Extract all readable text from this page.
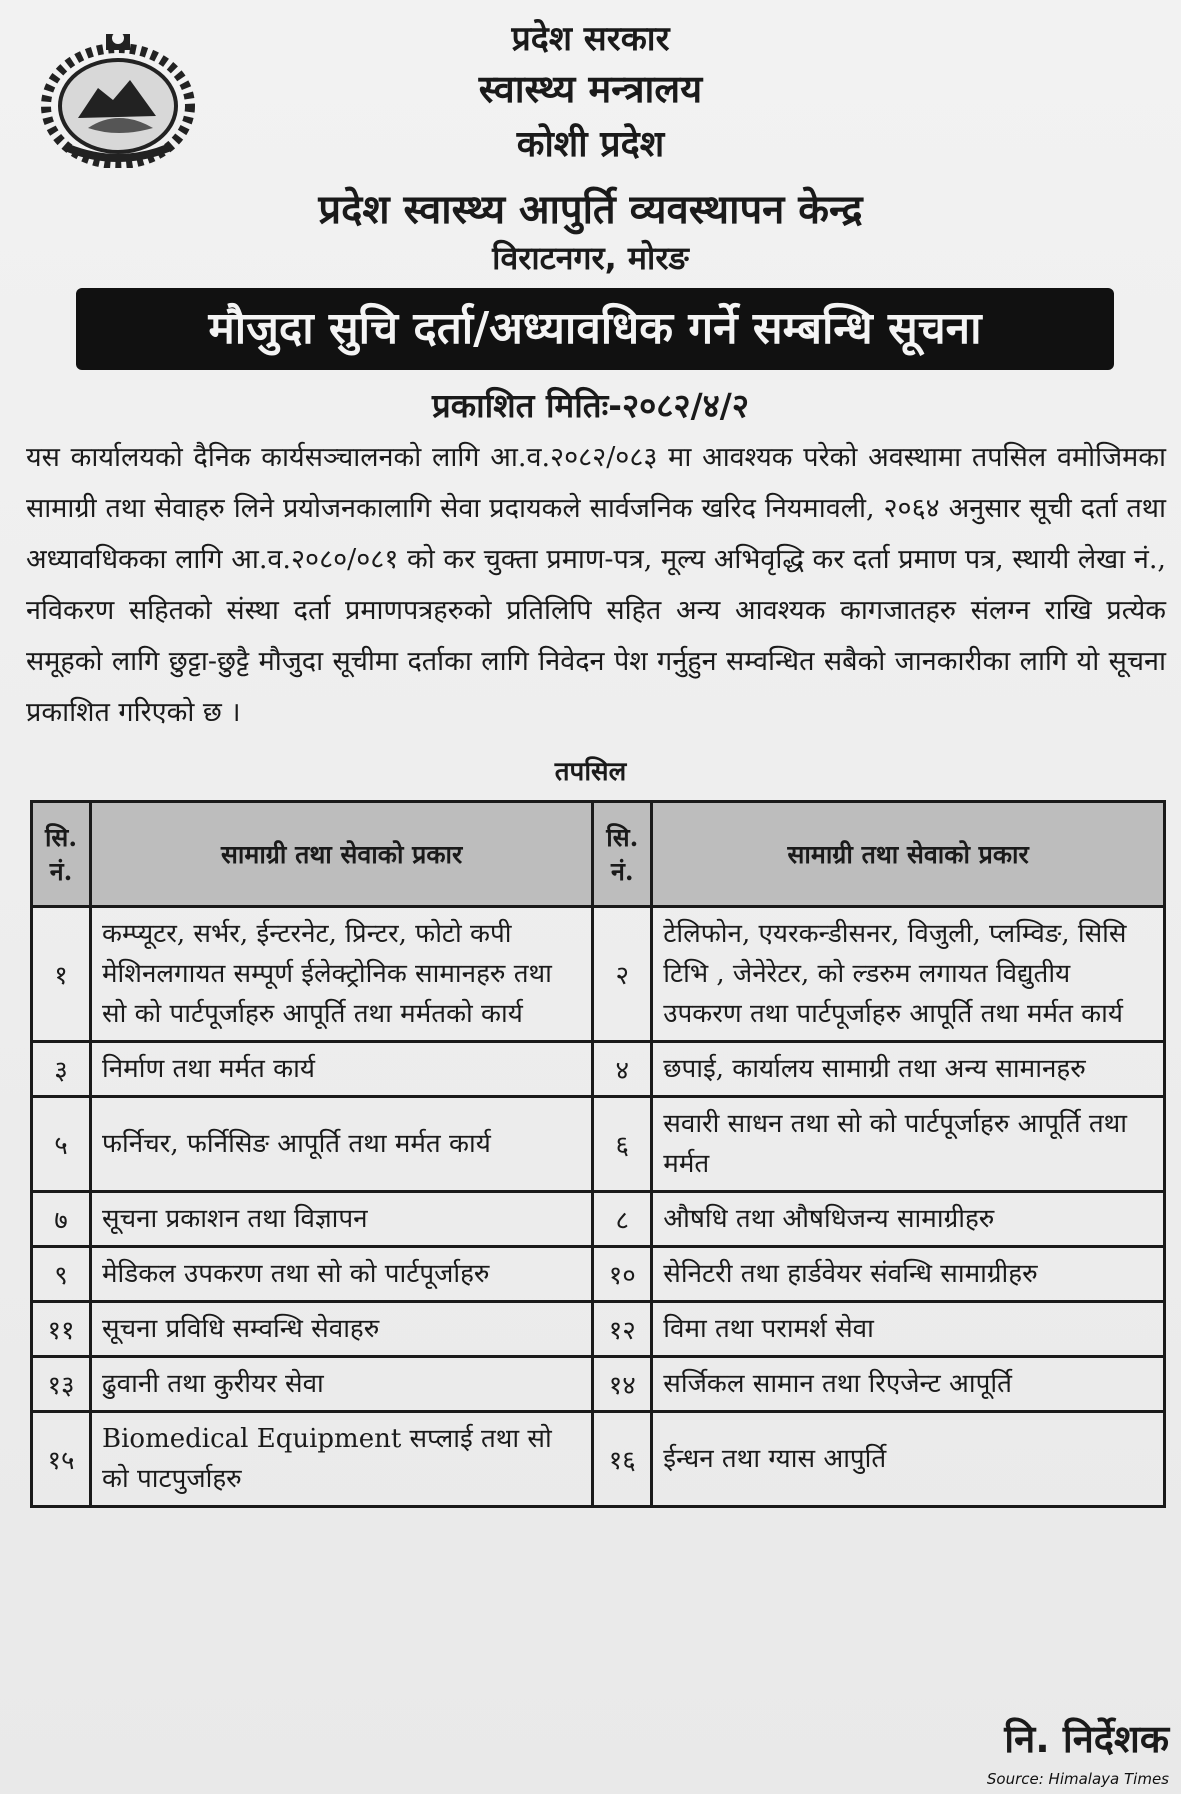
प्रदेश सरकार
स्वास्थ्य मन्त्रालय
कोशी प्रदेश
प्रदेश स्वास्थ्य आपुर्ति व्यवस्थापन केन्द्र
विराटनगर, मोरङ
मौजुदा सुचि दर्ता/अध्यावधिक गर्ने सम्बन्धि सूचना
प्रकाशित मितिः-२०८२/४/२
यस कार्यालयको दैनिक कार्यसञ्चालनको लागि आ.व.२०८२/०८३ मा आवश्यक परेको अवस्थामा तपसिल वमोजिमका सामाग्री तथा सेवाहरु लिने प्रयोजनकालागि सेवा प्रदायकले सार्वजनिक खरिद नियमावली, २०६४ अनुसार सूची दर्ता तथा अध्यावधिकका लागि आ.व.२०८०/०८१ को कर चुक्ता प्रमाण-पत्र, मूल्य अभिवृद्धि कर दर्ता प्रमाण पत्र, स्थायी लेखा नं., नविकरण सहितको संस्था दर्ता प्रमाणपत्रहरुको प्रतिलिपि सहित अन्य आवश्यक कागजातहरु संलग्न राखि प्रत्येक समूहको लागि छुट्टा-छुट्टै मौजुदा सूचीमा दर्ताका लागि निवेदन पेश गर्नुहुन सम्वन्धित सबैको जानकारीका लागि यो सूचना प्रकाशित गरिएको छ ।
तपसिल
सि. नं.	सामाग्री तथा सेवाको प्रकार	सि. नं.	सामाग्री तथा सेवाको प्रकार
१	कम्प्यूटर, सर्भर, ईन्टरनेट, प्रिन्टर, फोटो कपी मेशिनलगायत सम्पूर्ण ईलेक्ट्रोनिक सामानहरु तथा सो को पार्टपूर्जाहरु आपूर्ति तथा मर्मतको कार्य	२	टेलिफोन, एयरकन्डीसनर, विजुली, प्लम्विङ, सिसि टिभि , जेनेरेटर, को ल्डरुम लगायत विद्युतीय उपकरण तथा पार्टपूर्जाहरु आपूर्ति तथा मर्मत कार्य
३	निर्माण तथा मर्मत कार्य	४	छपाई, कार्यालय सामाग्री तथा अन्य सामानहरु
५	फर्निचर, फर्निसिङ आपूर्ति तथा मर्मत कार्य	६	सवारी साधन तथा सो को पार्टपूर्जाहरु आपूर्ति तथा मर्मत
७	सूचना प्रकाशन तथा विज्ञापन	८	औषधि तथा औषधिजन्य सामाग्रीहरु
९	मेडिकल उपकरण तथा सो को पार्टपूर्जाहरु	१०	सेनिटरी तथा हार्डवेयर संवन्धि सामाग्रीहरु
११	सूचना प्रविधि सम्वन्धि सेवाहरु	१२	विमा तथा परामर्श सेवा
१३	ढुवानी तथा कुरीयर सेवा	१४	सर्जिकल सामान तथा रिएजेन्ट आपूर्ति
१५	Biomedical Equipment सप्लाई तथा सो को पाटपुर्जाहरु	१६	ईन्धन तथा ग्यास आपुर्ति
नि. निर्देशक
Source: Himalaya Times
